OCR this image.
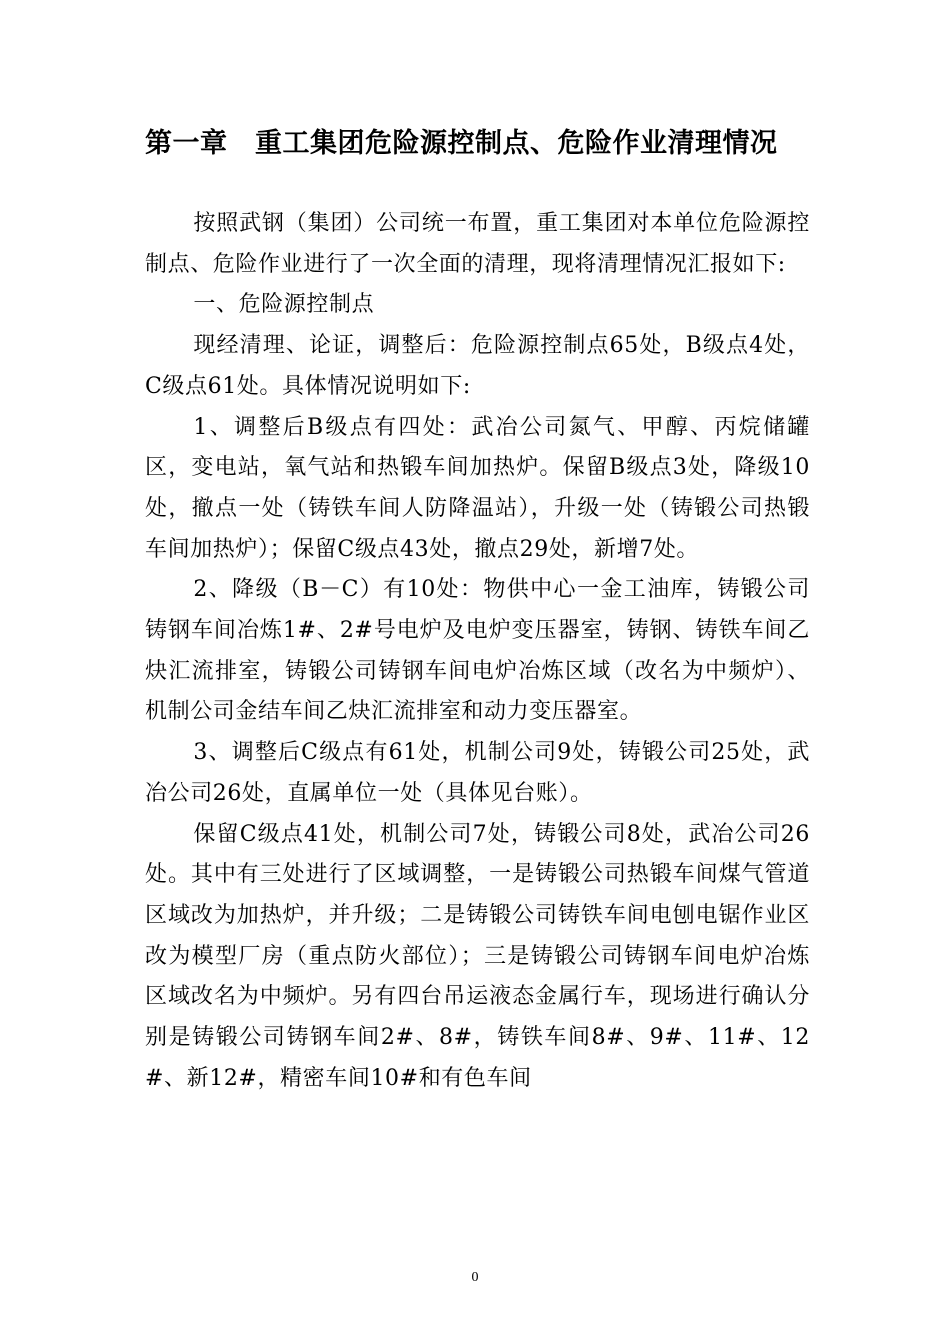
第一章　重工集团危险源控制点、危险作业清理情况

按照武钢（集团）公司统一布置，重工集团对本单位危险源控制点、危险作业进行了一次全面的清理，现将清理情况汇报如下:

一、危险源控制点

现经清理、论证，调整后：危险源控制点65处，B级点4处，C级点61处。具体情况说明如下:

1、调整后B级点有四处：武冶公司氮气、甲醇、丙烷储罐区，变电站，氧气站和热锻车间加热炉。保留B级点3处，降级10处，撤点一处（铸铁车间人防降温站），升级一处（铸锻公司热锻车间加热炉）；保留C级点43处，撤点29处，新增7处。

2、降级（B－C）有10处：物供中心一金工油库，铸锻公司铸钢车间冶炼1#、2#号电炉及电炉变压器室，铸钢、铸铁车间乙炔汇流排室，铸锻公司铸钢车间电炉冶炼区域（改名为中频炉）、机制公司金结车间乙炔汇流排室和动力变压器室。

3、调整后C级点有61处，机制公司9处，铸锻公司25处，武冶公司26处，直属单位一处（具体见台账）。

保留C级点41处，机制公司7处，铸锻公司8处，武冶公司26处。其中有三处进行了区域调整，一是铸锻公司热锻车间煤气管道区域改为加热炉，并升级；二是铸锻公司铸铁车间电刨电锯作业区改为模型厂房（重点防火部位）；三是铸锻公司铸钢车间电炉冶炼区域改名为中频炉。另有四台吊运液态金属行车，现场进行确认分别是铸锻公司铸钢车间2#、8#，铸铁车间8#、9#、11#、12#、新12#，精密车间10#和有色车间

0
